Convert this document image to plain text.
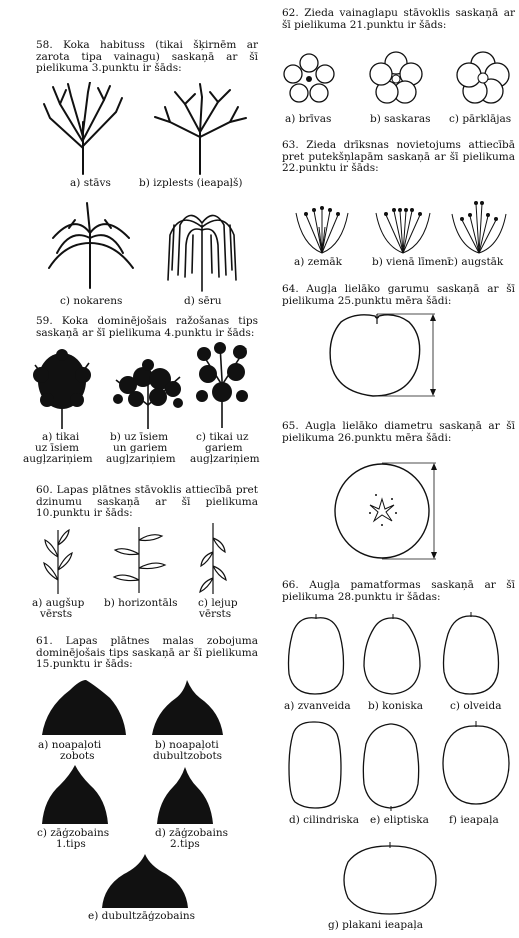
58. Koka habituss (tikai šķirnēm ar zarota tipa vainagu) saskaņā ar šī pielikuma 3.punktu ir šāds:
a) stāvs	b) izplests (ieapaļš)
c) nokarens	d) sēru
59. Koka dominējošais ražošanas tips saskaņā ar šī pielikuma 4.punktu ir šāds:
a) tikai
uz īsiem
augļzariņiem
b) uz īsiem
un gariem
augļzariņiem
c) tikai uz
gariem
augļzariņiem
60. Lapas plātnes stāvoklis attiecībā pret dzinumu saskaņā ar šī pielikuma 10.punktu ir šāds:
a) augšup
vērsts
b) horizontāls c) lejup
vērsts
61. Lapas plātnes malas zobojuma dominējošais tips saskaņā ar šī pielikuma 15.punktu ir šāds:
a) noapaļoti
zobots
b) noapaļoti
dubultzobots
c) zāģzobains
1.tips
d) zāģzobains
2.tips
e) dubultzāģzobains
62. Zieda vainaglapu stāvoklis saskaņā ar šī pielikuma 21.punktu ir šāds:
a) brīvas	b) saskaras c) pārklājas
63. Zieda drīksnas novietojums attiecībā pret putekšņlapām saskaņā ar šī pielikuma 22.punktu ir šāds:
a) zemāk	b) vienā līmenī
c) augstāk
64. Augļa lielāko garumu saskaņā ar šī pielikuma 25.punktu mēra šādi:
65. Augļa lielāko diametru saskaņā ar šī pielikuma 26.punktu mēra šādi:
66. Augļa pamatformas saskaņā ar šī pielikuma 28.punktu ir šādas:
a) zvanveida b) koniska	c) olveida
d) cilindriska e) eliptiska f) ieapaļa
g) plakani ieapaļa
